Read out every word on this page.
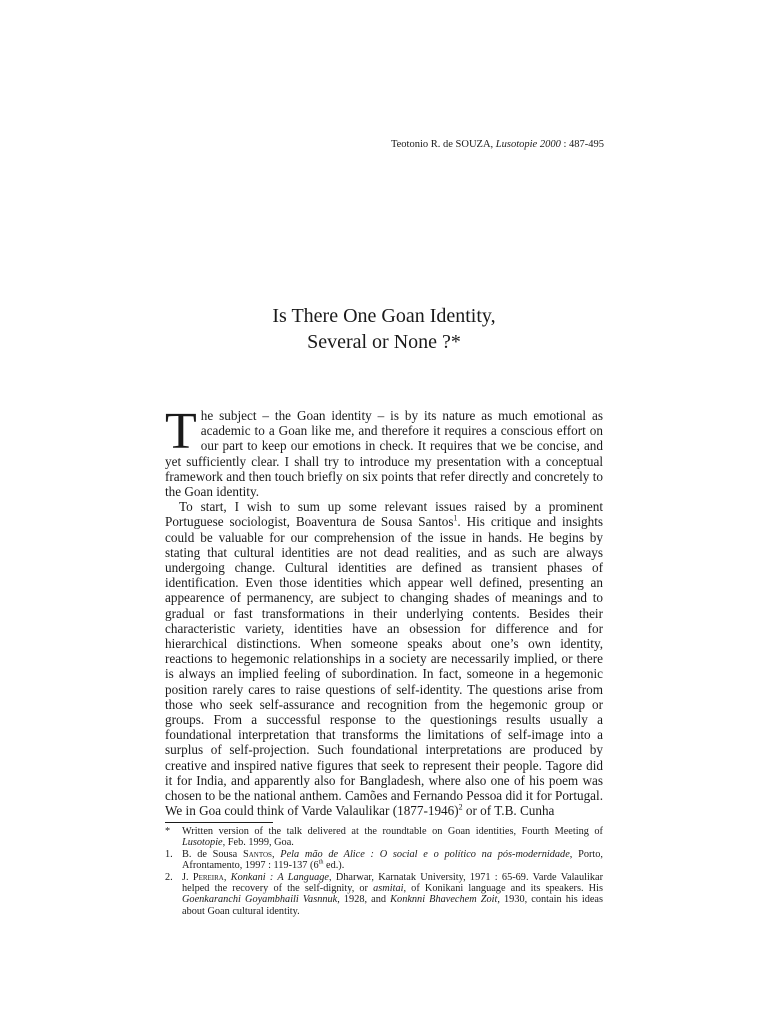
Teotonio R. de SOUZA, Lusotopie 2000 : 487-495
Is There One Goan Identity,
Several or None ?*

The subject – the Goan identity – is by its nature as much emotional as academic to a Goan like me, and therefore it requires a conscious effort on our part to keep our emotions in check. It requires that we be concise, and yet sufficiently clear. I shall try to introduce my presentation with a conceptual framework and then touch briefly on six points that refer directly and concretely to the Goan identity.

To start, I wish to sum up some relevant issues raised by a prominent Portuguese sociologist, Boaventura de Sousa Santos$^1$. His critique and insights could be valuable for our comprehension of the issue in hands. He begins by stating that cultural identities are not dead realities, and as such are always undergoing change. Cultural identities are defined as transient phases of identification. Even those identities which appear well defined, presenting an appearence of permanency, are subject to changing shades of meanings and to gradual or fast transformations in their underlying contents. Besides their characteristic variety, identities have an obsession for difference and for hierarchical distinctions. When someone speaks about one’s own identity, reactions to hegemonic relationships in a society are necessarily implied, or there is always an implied feeling of subordination. In fact, someone in a hegemonic position rarely cares to raise questions of self-identity. The questions arise from those who seek self-assurance and recognition from the hegemonic group or groups. From a successful response to the questionings results usually a foundational interpretation that transforms the limitations of self-image into a surplus of self-projection. Such foundational interpretations are produced by creative and inspired native figures that seek to represent their people. Tagore did it for India, and apparently also for Bangladesh, where also one of his poem was chosen to be the national anthem. Camões and Fernando Pessoa did it for Portugal. We in Goa could think of Varde Valaulikar (1877-1946)$^2$ or of T.B. Cunha

*	Written version of the talk delivered at the roundtable on Goan identities, Fourth Meeting of Lusotopie, Feb. 1999, Goa.
1. B. de Sousa Santos, Pela mão de Alice : O social e o político na pós-modernidade, Porto, Afrontamento, 1997 : 119-137 (6th ed.).
2. J. Pereira, Konkani : A Language, Dharwar, Karnatak University, 1971 : 65-69. Varde Valaulikar helped the recovery of the self-dignity, or asmitai, of Konikani language and its speakers. His Goenkaranchi Goyambhaili Vasnnuk, 1928, and Konknni Bhavechem Zoit, 1930, contain his ideas about Goan cultural identity.
